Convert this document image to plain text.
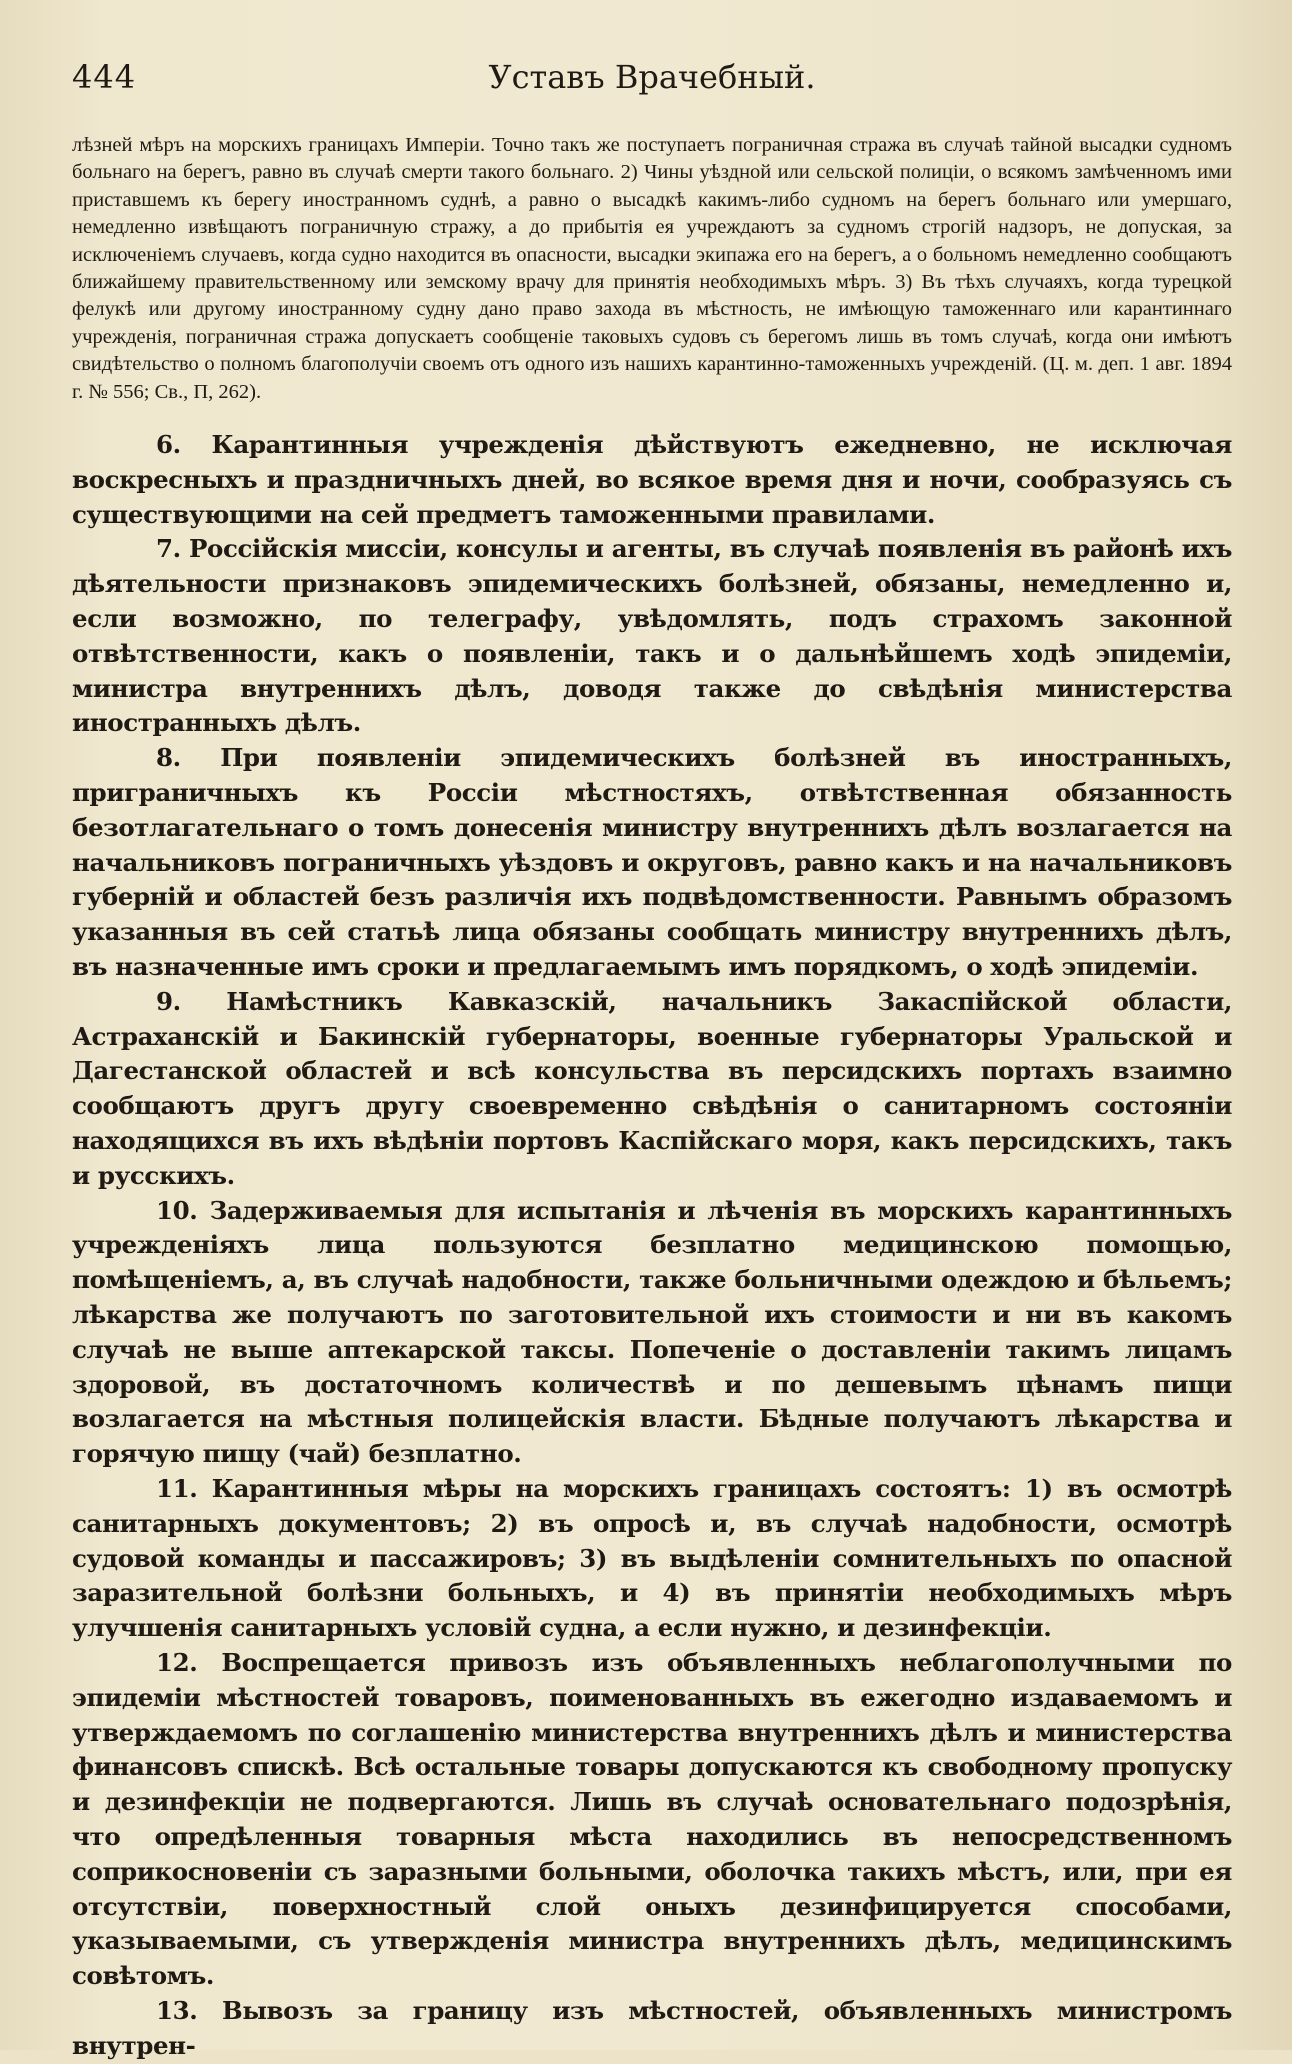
444	Уставъ Врачебный.

лѣзней мѣръ на морскихъ границахъ Имперіи. Точно такъ же поступаетъ пограничная стража въ случаѣ тайной высадки судномъ больнаго на берегъ, равно въ случаѣ смерти такого больнаго. 2) Чины уѣздной или сельской полиціи, о всякомъ замѣченномъ ими приставшемъ къ берегу иностранномъ суднѣ, а равно о высадкѣ какимъ-либо судномъ на берегъ больнаго или умершаго, немедленно извѣщаютъ пограничную стражу, а до прибытія ея учреждаютъ за судномъ строгій надзоръ, не допуская, за исключеніемъ случаевъ, когда судно находится въ опасности, высадки экипажа его на берегъ, а о больномъ немедленно сообщаютъ ближайшему правительственному или земскому врачу для принятія необходимыхъ мѣръ. 3) Въ тѣхъ случаяхъ, когда турецкой фелукѣ или другому иностранному судну дано право захода въ мѣстность, не имѣющую таможеннаго или карантиннаго учрежденія, пограничная стража допускаетъ сообщеніе таковыхъ судовъ съ берегомъ лишь въ томъ случаѣ, когда они имѣютъ свидѣтельство о полномъ благополучіи своемъ отъ одного изъ нашихъ карантинно-таможенныхъ учрежденій. (Ц. м. деп. 1 авг. 1894 г. № 556; Св., П, 262).

6. Карантинныя учрежденія дѣйствуютъ ежедневно, не исключая воскресныхъ и праздничныхъ дней, во всякое время дня и ночи, сообразуясь съ существующими на сей предметъ таможенными правилами.

7. Россійскія миссіи, консулы и агенты, въ случаѣ появленія въ районѣ ихъ дѣятельности признаковъ эпидемическихъ болѣзней, обязаны, немедленно и, если возможно, по телеграфу, увѣдомлять, подъ страхомъ законной отвѣтственности, какъ о появленіи, такъ и о дальнѣйшемъ ходѣ эпидеміи, министра внутреннихъ дѣлъ, доводя также до свѣдѣнія министерства иностранныхъ дѣлъ.

8. При появленіи эпидемическихъ болѣзней въ иностранныхъ, приграничныхъ къ Россіи мѣстностяхъ, отвѣтственная обязанность безотлагательнаго о томъ донесенія министру внутреннихъ дѣлъ возлагается на начальниковъ пограничныхъ уѣздовъ и округовъ, равно какъ и на начальниковъ губерній и областей безъ различія ихъ подвѣдомственности. Равнымъ образомъ указанныя въ сей статьѣ лица обязаны сообщать министру внутреннихъ дѣлъ, въ назначенные имъ сроки и предлагаемымъ имъ порядкомъ, о ходѣ эпидеміи.

9. Намѣстникъ Кавказскій, начальникъ Закаспійской области, Астраханскій и Бакинскій губернаторы, военные губернаторы Уральской и Дагестанской областей и всѣ консульства въ персидскихъ портахъ взаимно сообщаютъ другъ другу своевременно свѣдѣнія о санитарномъ состояніи находящихся въ ихъ вѣдѣніи портовъ Каспійскаго моря, какъ персидскихъ, такъ и русскихъ.

10. Задерживаемыя для испытанія и лѣченія въ морскихъ карантинныхъ учрежденіяхъ лица пользуются безплатно медицинскою помощью, помѣщеніемъ, а, въ случаѣ надобности, также больничными одеждою и бѣльемъ; лѣкарства же получаютъ по заготовительной ихъ стоимости и ни въ какомъ случаѣ не выше аптекарской таксы. Попеченіе о доставленіи такимъ лицамъ здоровой, въ достаточномъ количествѣ и по дешевымъ цѣнамъ пищи возлагается на мѣстныя полицейскія власти. Бѣдные получаютъ лѣкарства и горячую пищу (чай) безплатно.

11. Карантинныя мѣры на морскихъ границахъ состоятъ: 1) въ осмотрѣ санитарныхъ документовъ; 2) въ опросѣ и, въ случаѣ надобности, осмотрѣ судовой команды и пассажировъ; 3) въ выдѣленіи сомнительныхъ по опасной заразительной болѣзни больныхъ, и 4) въ принятіи необходимыхъ мѣръ улучшенія санитарныхъ условій судна, а если нужно, и дезинфекціи.

12. Воспрещается привозъ изъ объявленныхъ неблагополучными по эпидеміи мѣстностей товаровъ, поименованныхъ въ ежегодно издаваемомъ и утверждаемомъ по соглашенію министерства внутреннихъ дѣлъ и министерства финансовъ спискѣ. Всѣ остальные товары допускаются къ свободному пропуску и дезинфекціи не подвергаются. Лишь въ случаѣ основательнаго подозрѣнія, что опредѣленныя товарныя мѣста находились въ непосредственномъ соприкосновеніи съ заразными больными, оболочка такихъ мѣстъ, или, при ея отсутствіи, поверхностный слой оныхъ дезинфицируется способами, указываемыми, съ утвержденія министра внутреннихъ дѣлъ, медицинскимъ совѣтомъ.

13. Вывозъ за границу изъ мѣстностей, объявленныхъ министромъ внутрен-
